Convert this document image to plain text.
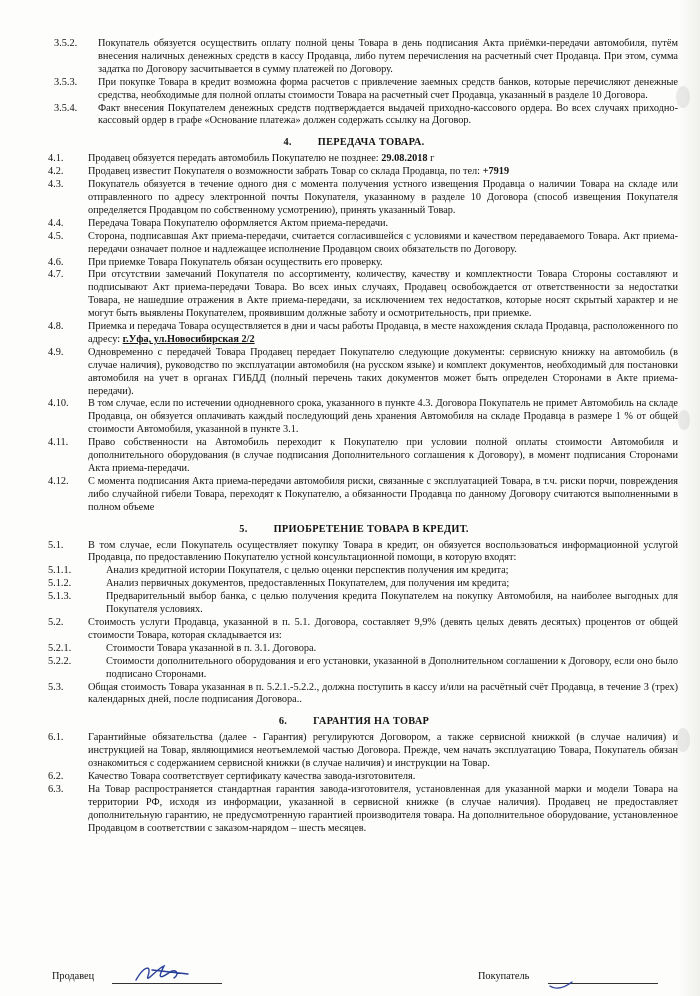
3.5.2.	Покупатель обязуется осуществить оплату полной цены Товара в день подписания Акта приёмки-передачи автомобиля, путём внесения наличных денежных средств в кассу Продавца, либо путем перечисления на расчетный счет Продавца. При этом, сумма задатка по Договору засчитывается в сумму платежей по Договору.
3.5.3.	При покупке Товара в кредит возможна форма расчетов с привлечение заемных средств банков, которые перечисляют денежные средства, необходимые для полной оплаты стоимости Товара на расчетный счет Продавца, указанный в разделе 10 Договора.
3.5.4.	Факт внесения Покупателем денежных средств подтверждается выдачей приходно-кассового ордера. Во всех случаях приходно-кассовый ордер в графе «Основание платежа» должен содержать ссылку на Договор.
4.	ПЕРЕДАЧА ТОВАРА.
4.1.	Продавец обязуется передать автомобиль Покупателю не позднее: 29.08.2018 г
4.2.	Продавец известит Покупателя о возможности забрать Товар со склада Продавца, по тел: +7919
4.3.	Покупатель обязуется в течение одного дня с момента получения устного извещения Продавца о наличии Товара на складе или отправленного по адресу электронной почты Покупателя, указанному в разделе 10 Договора (способ извещения Покупателя определяется Продавцом по собственному усмотрению), принять указанный Товар.
4.4.	Передача Товара Покупателю оформляется Актом приема-передачи.
4.5.	Сторона, подписавшая Акт приема-передачи, считается согласившейся с условиями и качеством передаваемого Товара. Акт приема-передачи означает полное и надлежащее исполнение Продавцом своих обязательств по Договору.
4.6.	При приемке Товара Покупатель обязан осуществить его проверку.
4.7.	При отсутствии замечаний Покупателя по ассортименту, количеству, качеству и комплектности Товара Стороны составляют и подписывают Акт приема-передачи Товара. Во всех иных случаях, Продавец освобождается от ответственности за недостатки Товара, не нашедшие отражения в Акте приема-передачи, за исключением тех недостатков, которые носят скрытый характер и не могут быть выявлены Покупателем, проявившим должные заботу и осмотрительность, при приемке.
4.8.	Приемка и передача Товара осуществляется в дни и часы работы Продавца, в месте нахождения склада Продавца, расположенного по адресу: г.Уфа, ул.Новосибирская 2/2
4.9.	Одновременно с передачей Товара Продавец передает Покупателю следующие документы: сервисную книжку на автомобиль (в случае наличия), руководство по эксплуатации автомобиля (на русском языке) и комплект документов, необходимый для постановки автомобиля на учет в органах ГИБДД (полный перечень таких документов может быть определен Сторонами в Акте приема-передачи).
4.10.	В том случае, если по истечении однодневного срока, указанного в пункте 4.3. Договора Покупатель не примет Автомобиль на складе Продавца, он обязуется оплачивать каждый последующий день хранения Автомобиля на складе Продавца в размере 1 % от общей стоимости Автомобиля, указанной в пункте 3.1.
4.11.	Право собственности на Автомобиль переходит к Покупателю при условии полной оплаты стоимости Автомобиля и дополнительного оборудования (в случае подписания Дополнительного соглашения к Договору), в момент подписания Сторонами Акта приема-передачи.
4.12.	С момента подписания Акта приема-передачи автомобиля риски, связанные с эксплуатацией Товара, в т.ч. риски порчи, повреждения либо случайной гибели Товара, переходят к Покупателю, а обязанности Продавца по данному Договору считаются выполненными в полном объеме
5.	ПРИОБРЕТЕНИЕ ТОВАРА В КРЕДИТ.
5.1.	В том случае, если Покупатель осуществляет покупку Товара в кредит, он обязуется воспользоваться информационной услугой Продавца, по предоставлению Покупателю устной консультационной помощи, в которую входят:
5.1.1.	Анализ кредитной истории Покупателя, с целью оценки перспектив получения им кредита;
5.1.2.	Анализ первичных документов, предоставленных Покупателем, для получения им кредита;
5.1.3.	Предварительный выбор банка, с целью получения кредита Покупателем на покупку Автомобиля, на наиболее выгодных для Покупателя условиях.
5.2.	Стоимость услуги Продавца, указанной в п. 5.1. Договора, составляет 9,9% (девять целых девять десятых) процентов от общей стоимости Товара, которая складывается из:
5.2.1.	Стоимости Товара указанной в п. 3.1. Договора.
5.2.2.	Стоимости дополнительного оборудования и его установки, указанной в Дополнительном соглашении к Договору, если оно было подписано Сторонами.
5.3.	Общая стоимость Товара указанная в п. 5.2.1.-5.2.2., должна поступить в кассу и/или на расчётный счёт Продавца, в течение 3 (трех) календарных дней, после подписания Договора..
6.	ГАРАНТИЯ НА ТОВАР
6.1.	Гарантийные обязательства (далее - Гарантия) регулируются Договором, а также сервисной книжкой (в случае наличия) и инструкцией на Товар, являющимися неотъемлемой частью Договора. Прежде, чем начать эксплуатацию Товара, Покупатель обязан ознакомиться с содержанием сервисной книжки (в случае наличия) и инструкции на Товар.
6.2.	Качество Товара соответствует сертификату качества завода-изготовителя.
6.3.	На Товар распространяется стандартная гарантия завода-изготовителя, установленная для указанной марки и модели Товара на территории РФ, исходя из информации, указанной в сервисной книжке (в случае наличия). Продавец не предоставляет дополнительную гарантию, не предусмотренную гарантией производителя товара. На дополнительное оборудование, установленное Продавцом в соответствии с заказом-нарядом – шесть месяцев.
Продавец	Покупатель
